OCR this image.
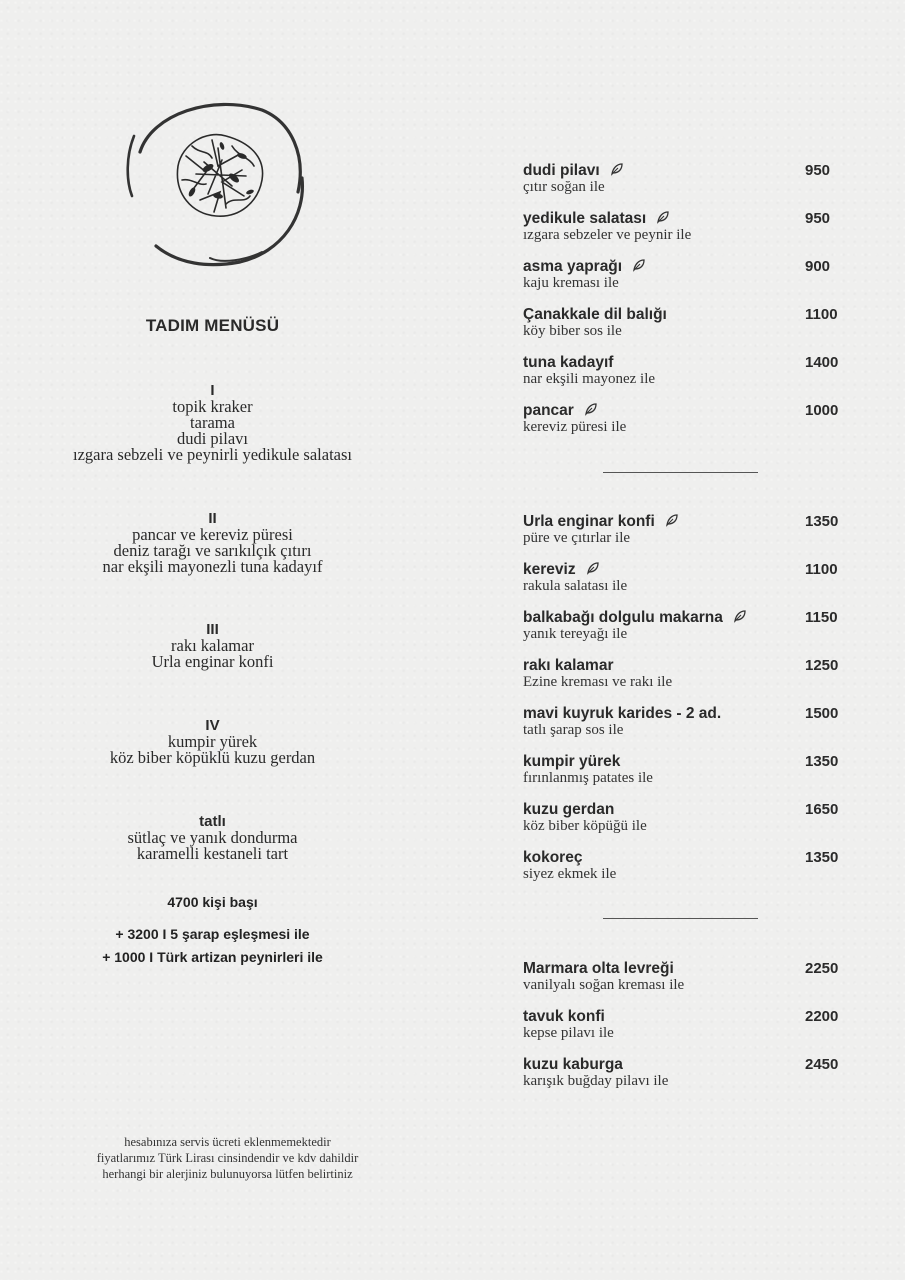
TADIM MENÜSÜ
I
topik kraker
tarama
dudi pilavı
ızgara sebzeli ve peynirli yedikule salatası
II
pancar ve kereviz püresi
deniz tarağı ve sarıkılçık çıtırı
nar ekşili mayonezli tuna kadayıf
III
rakı kalamar
Urla enginar konfi
IV
kumpir yürek
köz biber köpüklü kuzu gerdan
tatlı
sütlaç ve yanık dondurma
karamelli kestaneli tart
4700 kişi başı
+ 3200 I 5 şarap eşleşmesi ile
+ 1000 I Türk artizan peynirleri ile
hesabınıza servis ücreti eklenmemektedir
fiyatlarımız Türk Lirası cinsindendir ve kdv dahildir
herhangi bir alerjiniz bulunuyorsa lütfen belirtiniz
dudi pilavı
çıtır soğan ile
950
yedikule salatası
ızgara sebzeler ve peynir ile
950
asma yaprağı
kaju kreması ile
900
Çanakkale dil balığı
köy biber sos ile
1100
tuna kadayıf
nar ekşili mayonez ile
1400
pancar
kereviz püresi ile
1000
Urla enginar konfi
püre ve çıtırlar ile
1350
kereviz
rakula salatası ile
1100
balkabağı dolgulu makarna
yanık tereyağı ile
1150
rakı kalamar
Ezine kreması ve rakı ile
1250
mavi kuyruk karides - 2 ad.
tatlı şarap sos ile
1500
kumpir yürek
fırınlanmış patates ile
1350
kuzu gerdan
köz biber köpüğü ile
1650
kokoreç
siyez ekmek ile
1350
Marmara olta levreği
vanilyalı soğan kreması ile
2250
tavuk konfi
kepse pilavı ile
2200
kuzu kaburga
karışık buğday pilavı ile
2450
